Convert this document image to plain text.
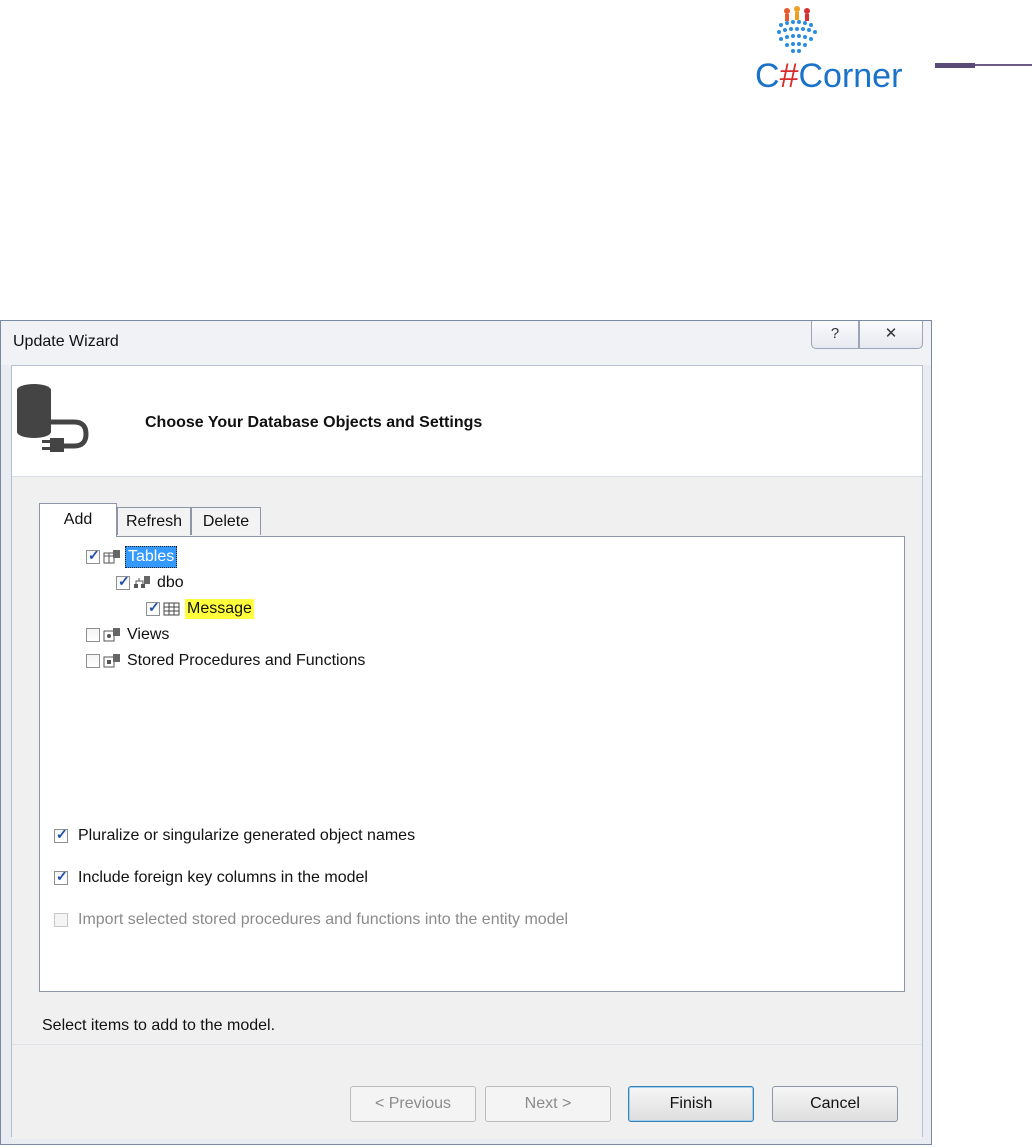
C#Corner
Update Wizard	?	✕
Choose Your Database Objects and Settings
Add	Refresh	Delete
✓
Tables
✓
dbo
✓
Message
Views
Stored Procedures and Functions
✓
Pluralize or singularize generated object names
✓
Include foreign key columns in the model
Import selected stored procedures and functions into the entity model
Select items to add to the model.
< Previous	Next >	Finish	Cancel
